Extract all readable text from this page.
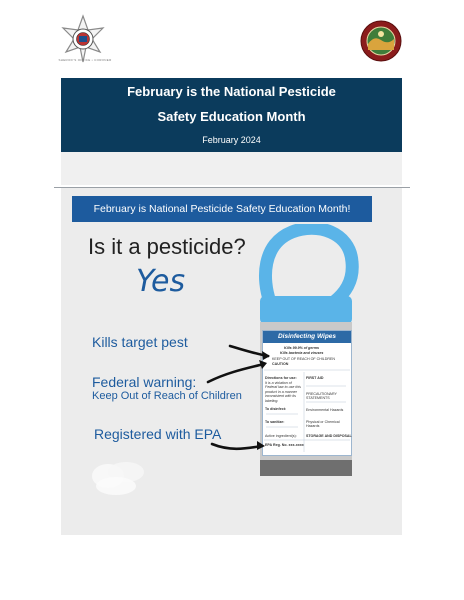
SHERIFF'S OFFICE • CORONER
February is the National Pesticide
Safety Education Month
February 2024
February is National Pesticide Safety Education Month!
Is it a pesticide?
Yes
Kills target pest
Federal warning:
Keep Out of Reach of Children
Registered with EPA
Disinfecting Wipes
Kills 99.9% of germs
Kills bacteria and viruses
KEEP OUT OF REACH OF CHILDREN
CAUTION
Directions for use:
It is a violation of Federal law to use this product in a manner inconsistent with its labeling.
To disinfect:
To sanitize:
Active ingredient(s):
EPA Reg. No. xxx-xxxx
FIRST AID
PRECAUTIONARY STATEMENTS
Environmental Hazards
Physical or Chemical Hazards
STORAGE AND DISPOSAL
